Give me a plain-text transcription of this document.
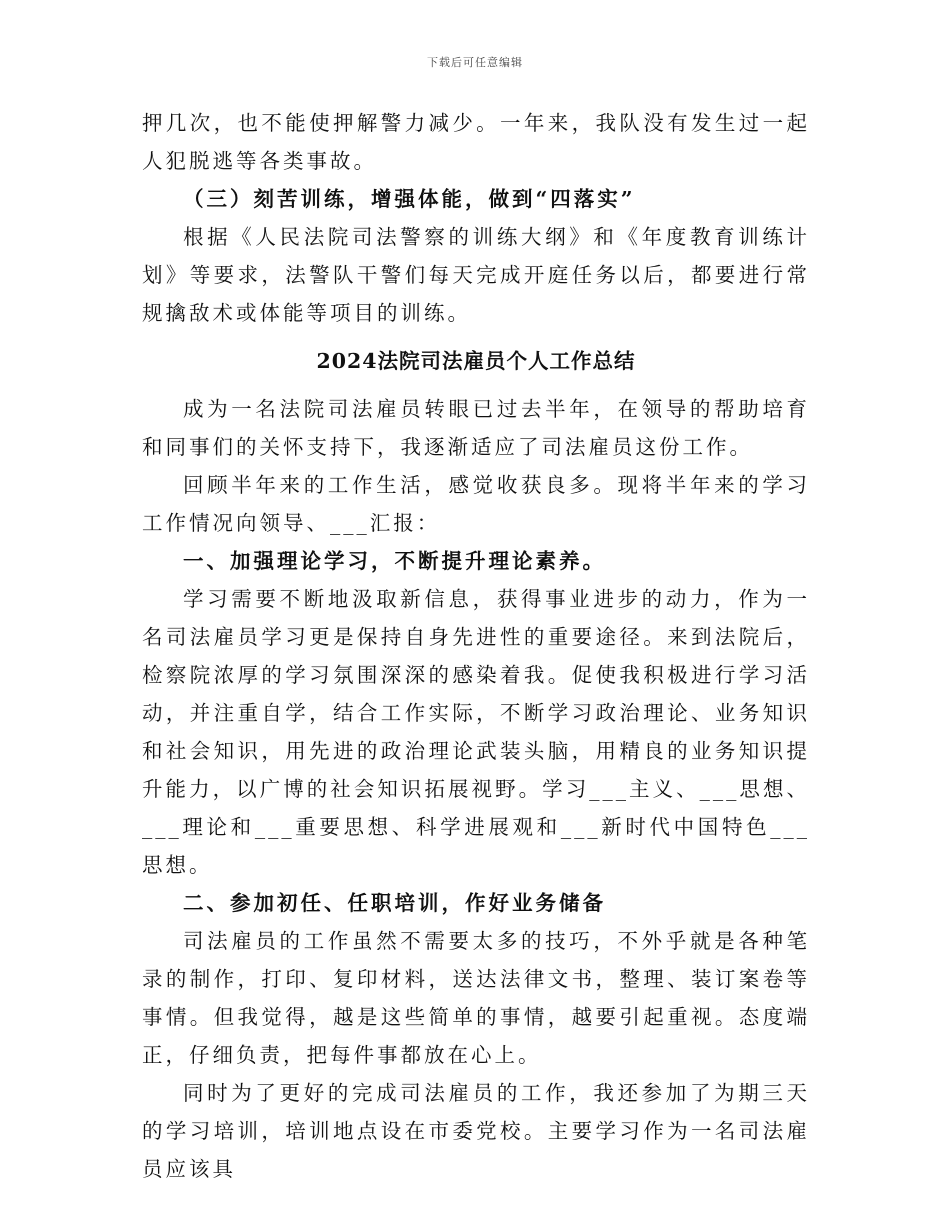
下载后可任意编辑

押几次，也不能使押解警力减少。一年来，我队没有发生过一起人犯脱逃等各类事故。

（三）刻苦训练，增强体能，做到“四落实”

根据《人民法院司法警察的训练大纲》和《年度教育训练计划》等要求，法警队干警们每天完成开庭任务以后，都要进行常规擒敌术或体能等项目的训练。

2024法院司法雇员个人工作总结

成为一名法院司法雇员转眼已过去半年，在领导的帮助培育和同事们的关怀支持下，我逐渐适应了司法雇员这份工作。

回顾半年来的工作生活，感觉收获良多。现将半年来的学习工作情况向领导、___汇报：

一、加强理论学习，不断提升理论素养。

学习需要不断地汲取新信息，获得事业进步的动力，作为一名司法雇员学习更是保持自身先进性的重要途径。来到法院后，检察院浓厚的学习氛围深深的感染着我。促使我积极进行学习活动，并注重自学，结合工作实际，不断学习政治理论、业务知识和社会知识，用先进的政治理论武装头脑，用精良的业务知识提升能力，以广博的社会知识拓展视野。学习___主义、___思想、___理论和___重要思想、科学进展观和___新时代中国特色___思想。

二、参加初任、任职培训，作好业务储备

司法雇员的工作虽然不需要太多的技巧，不外乎就是各种笔录的制作，打印、复印材料，送达法律文书，整理、装订案卷等事情。但我觉得，越是这些简单的事情，越要引起重视。态度端正，仔细负责，把每件事都放在心上。

同时为了更好的完成司法雇员的工作，我还参加了为期三天的学习培训，培训地点设在市委党校。主要学习作为一名司法雇员应该具
